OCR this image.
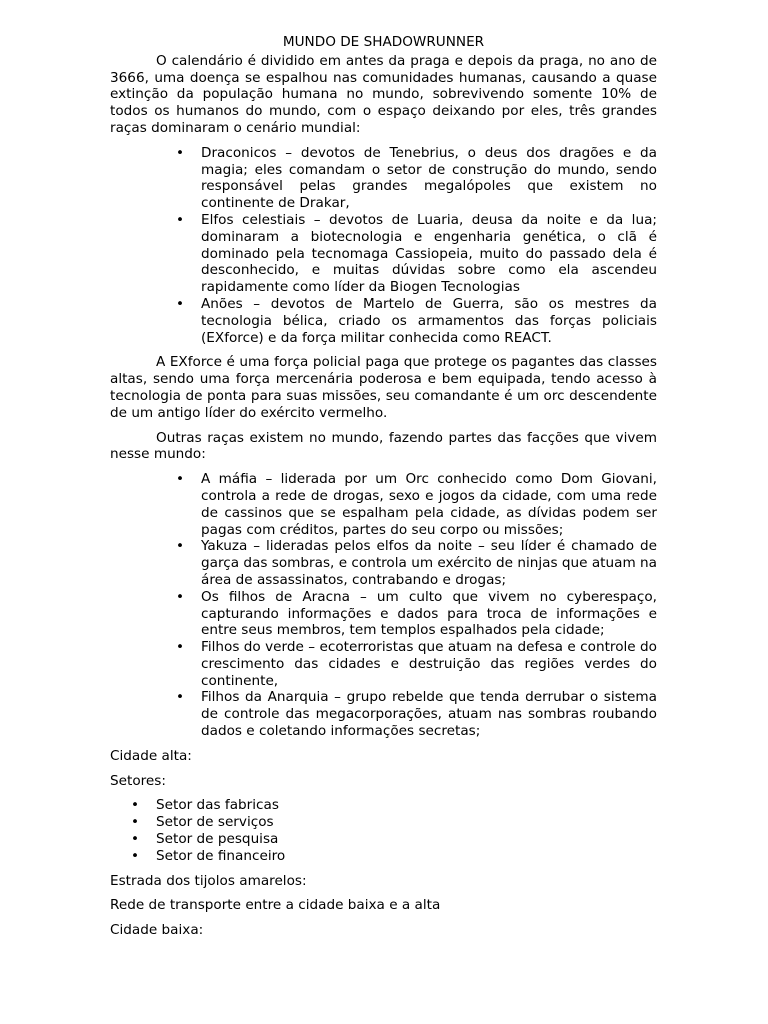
MUNDO DE SHADOWRUNNER

O calendário é dividido em antes da praga e depois da praga, no ano de 3666, uma doença se espalhou nas comunidades humanas, causando a quase extinção da população humana no mundo, sobrevivendo somente 10% de todos os humanos do mundo, com o espaço deixando por eles, três grandes raças dominaram o cenário mundial:

• Draconicos – devotos de Tenebrius, o deus dos dragões e da magia; eles comandam o setor de construção do mundo, sendo responsável pelas grandes megalópoles que existem no continente de Drakar,
• Elfos celestiais – devotos de Luaria, deusa da noite e da lua; dominaram a biotecnologia e engenharia genética, o clã é dominado pela tecnomaga Cassiopeia, muito do passado dela é desconhecido, e muitas dúvidas sobre como ela ascendeu rapidamente como líder da Biogen Tecnologias
• Anões – devotos de Martelo de Guerra, são os mestres da tecnologia bélica, criado os armamentos das forças policiais (EXforce) e da força militar conhecida como REACT.

A EXforce é uma força policial paga que protege os pagantes das classes altas, sendo uma força mercenária poderosa e bem equipada, tendo acesso à tecnologia de ponta para suas missões, seu comandante é um orc descendente de um antigo líder do exército vermelho.

Outras raças existem no mundo, fazendo partes das facções que vivem nesse mundo:

• A máfia – liderada por um Orc conhecido como Dom Giovani, controla a rede de drogas, sexo e jogos da cidade, com uma rede de cassinos que se espalham pela cidade, as dívidas podem ser pagas com créditos, partes do seu corpo ou missões;
• Yakuza – lideradas pelos elfos da noite – seu líder é chamado de garça das sombras, e controla um exército de ninjas que atuam na área de assassinatos, contrabando e drogas;
• Os filhos de Aracna – um culto que vivem no cyberespaço, capturando informações e dados para troca de informações e entre seus membros, tem templos espalhados pela cidade;
• Filhos do verde – ecoterroristas que atuam na defesa e controle do crescimento das cidades e destruição das regiões verdes do continente,
• Filhos da Anarquia – grupo rebelde que tenda derrubar o sistema de controle das megacorporações, atuam nas sombras roubando dados e coletando informações secretas;

Cidade alta:

Setores:

• Setor das fabricas
• Setor de serviços
• Setor de pesquisa
• Setor de financeiro

Estrada dos tijolos amarelos:

Rede de transporte entre a cidade baixa e a alta

Cidade baixa:
